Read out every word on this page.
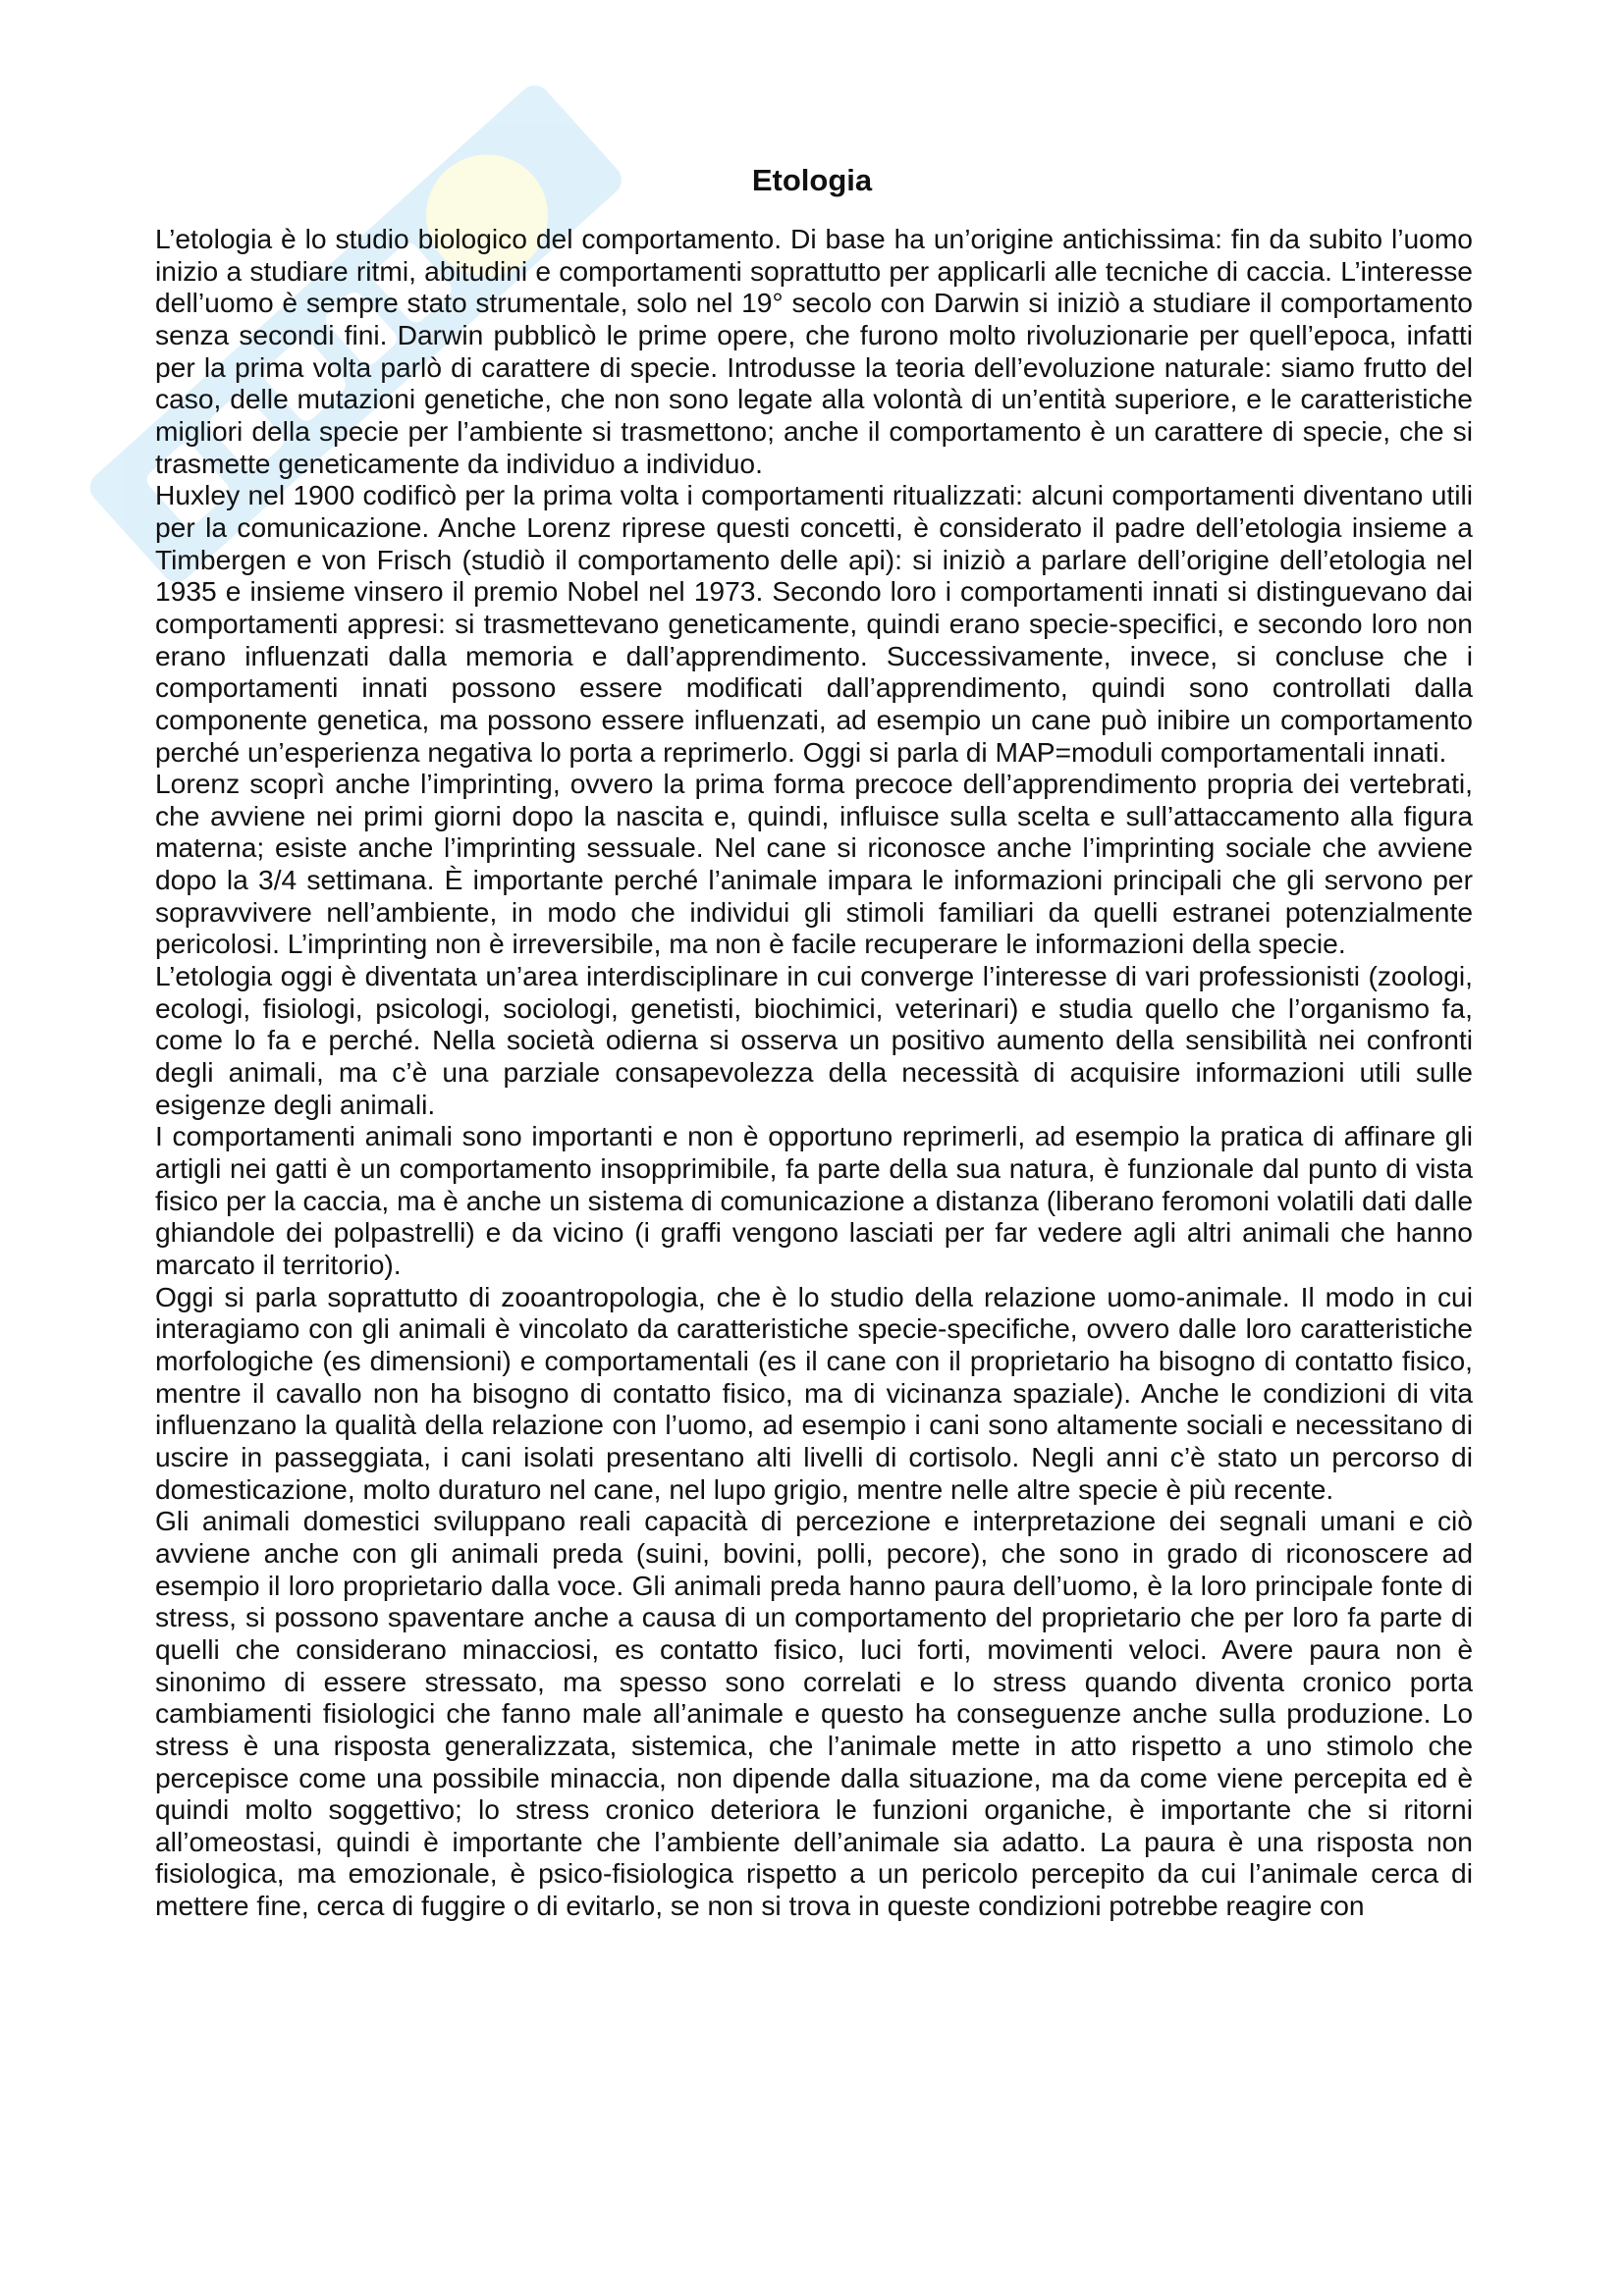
Etologia

L’etologia è lo studio biologico del comportamento. Di base ha un’origine antichissima: fin da subito l’uomo inizio a studiare ritmi, abitudini e comportamenti soprattutto per applicarli alle tecniche di caccia. L’interesse dell’uomo è sempre stato strumentale, solo nel 19° secolo con Darwin si iniziò a studiare il comportamento senza secondi fini. Darwin pubblicò le prime opere, che furono molto rivoluzionarie per quell’epoca, infatti per la prima volta parlò di carattere di specie. Introdusse la teoria dell’evoluzione naturale: siamo frutto del caso, delle mutazioni genetiche, che non sono legate alla volontà di un’entità superiore, e le caratteristiche migliori della specie per l’ambiente si trasmettono; anche il comportamento è un carattere di specie, che si trasmette geneticamente da individuo a individuo.

Huxley nel 1900 codificò per la prima volta i comportamenti ritualizzati: alcuni comportamenti diventano utili per la comunicazione. Anche Lorenz riprese questi concetti, è considerato il padre dell’etologia insieme a Timbergen e von Frisch (studiò il comportamento delle api): si iniziò a parlare dell’origine dell’etologia nel 1935 e insieme vinsero il premio Nobel nel 1973. Secondo loro i comportamenti innati si distinguevano dai comportamenti appresi: si trasmettevano geneticamente, quindi erano specie-specifici, e secondo loro non erano influenzati dalla memoria e dall’apprendimento. Successivamente, invece, si concluse che i comportamenti innati possono essere modificati dall’apprendimento, quindi sono controllati dalla componente genetica, ma possono essere influenzati, ad esempio un cane può inibire un comportamento perché un’esperienza negativa lo porta a reprimerlo. Oggi si parla di MAP=moduli comportamentali innati.

Lorenz scoprì anche l’imprinting, ovvero la prima forma precoce dell’apprendimento propria dei vertebrati, che avviene nei primi giorni dopo la nascita e, quindi, influisce sulla scelta e sull’attaccamento alla figura materna; esiste anche l’imprinting sessuale. Nel cane si riconosce anche l’imprinting sociale che avviene dopo la 3/4 settimana. È importante perché l’animale impara le informazioni principali che gli servono per sopravvivere nell’ambiente, in modo che individui gli stimoli familiari da quelli estranei potenzialmente pericolosi. L’imprinting non è irreversibile, ma non è facile recuperare le informazioni della specie.

L’etologia oggi è diventata un’area interdisciplinare in cui converge l’interesse di vari professionisti (zoologi, ecologi, fisiologi, psicologi, sociologi, genetisti, biochimici, veterinari) e studia quello che l’organismo fa, come lo fa e perché. Nella società odierna si osserva un positivo aumento della sensibilità nei confronti degli animali, ma c’è una parziale consapevolezza della necessità di acquisire informazioni utili sulle esigenze degli animali.

I comportamenti animali sono importanti e non è opportuno reprimerli, ad esempio la pratica di affinare gli artigli nei gatti è un comportamento insopprimibile, fa parte della sua natura, è funzionale dal punto di vista fisico per la caccia, ma è anche un sistema di comunicazione a distanza (liberano feromoni volatili dati dalle ghiandole dei polpastrelli) e da vicino (i graffi vengono lasciati per far vedere agli altri animali che hanno marcato il territorio).

Oggi si parla soprattutto di zooantropologia, che è lo studio della relazione uomo-animale. Il modo in cui interagiamo con gli animali è vincolato da caratteristiche specie-specifiche, ovvero dalle loro caratteristiche morfologiche (es dimensioni) e comportamentali (es il cane con il proprietario ha bisogno di contatto fisico, mentre il cavallo non ha bisogno di contatto fisico, ma di vicinanza spaziale). Anche le condizioni di vita influenzano la qualità della relazione con l’uomo, ad esempio i cani sono altamente sociali e necessitano di uscire in passeggiata, i cani isolati presentano alti livelli di cortisolo. Negli anni c’è stato un percorso di domesticazione, molto duraturo nel cane, nel lupo grigio, mentre nelle altre specie è più recente.

Gli animali domestici sviluppano reali capacità di percezione e interpretazione dei segnali umani e ciò avviene anche con gli animali preda (suini, bovini, polli, pecore), che sono in grado di riconoscere ad esempio il loro proprietario dalla voce. Gli animali preda hanno paura dell’uomo, è la loro principale fonte di stress, si possono spaventare anche a causa di un comportamento del proprietario che per loro fa parte di quelli che considerano minacciosi, es contatto fisico, luci forti, movimenti veloci. Avere paura non è sinonimo di essere stressato, ma spesso sono correlati e lo stress quando diventa cronico porta cambiamenti fisiologici che fanno male all’animale e questo ha conseguenze anche sulla produzione. Lo stress è una risposta generalizzata, sistemica, che l’animale mette in atto rispetto a uno stimolo che percepisce come una possibile minaccia, non dipende dalla situazione, ma da come viene percepita ed è quindi molto soggettivo; lo stress cronico deteriora le funzioni organiche, è importante che si ritorni all’omeostasi, quindi è importante che l’ambiente dell’animale sia adatto. La paura è una risposta non fisiologica, ma emozionale, è psico-fisiologica rispetto a un pericolo percepito da cui l’animale cerca di mettere fine, cerca di fuggire o di evitarlo, se non si trova in queste condizioni potrebbe reagire con
